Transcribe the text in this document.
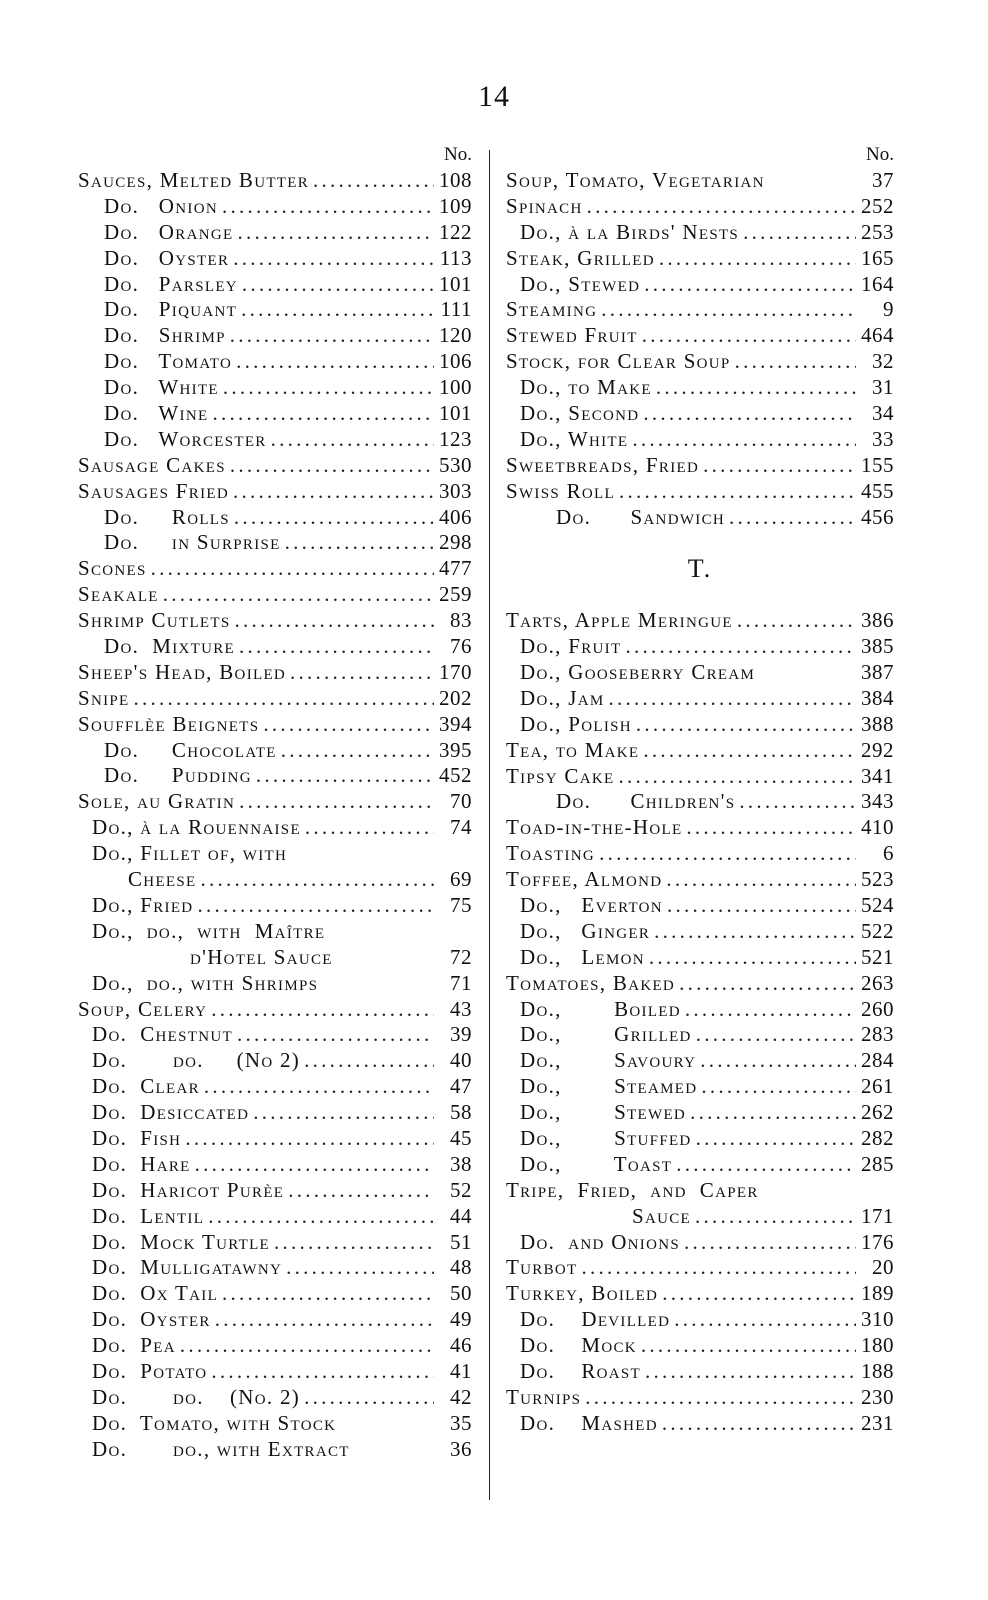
14
No.
Sauces, Melted Butter . . .	108
Do.   Onion . . .	109
Do.   Orange . . .	122
Do.   Oyster . . .	113
Do.   Parsley . . .	101
Do.   Piquant . . .	111
Do.   Shrimp . . .	120
Do.   Tomato . . .	106
Do.   White . . .	100
Do.   Wine . . .	101
Do.   Worcester . . .	123
Sausage Cakes . . .	530
Sausages Fried . . .	303
Do.     Rolls . . .	406
Do.     in Surprise . . .	298
Scones . . .	477
Seakale . . .	259
Shrimp Cutlets . . .	83
Do.  Mixture . . .	76
Sheep's Head, Boiled . . .	170
Snipe . . .	202
Soufflèe Beignets . . .	394
Do.     Chocolate . . .	395
Do.     Pudding . . .	452
Sole, au Gratin . . .	70
Do., à la Rouennaise . . .	74
Do., Fillet of, with
Cheese . . .	69
Do., Fried . . .	75
Do.,  do.,  with  Maître
d'Hotel Sauce	72
Do.,  do., with Shrimps	71
Soup, Celery . . .	43
Do.  Chestnut . . .	39
Do.       do.     (No 2) . . .	40
Do.  Clear . . .	47
Do.  Desiccated . . .	58
Do.  Fish . . .	45
Do.  Hare . . .	38
Do.  Haricot Purèe . . .	52
Do.  Lentil . . .	44
Do.  Mock Turtle . . .	51
Do.  Mulligatawny . . .	48
Do.  Ox Tail . . .	50
Do.  Oyster . . .	49
Do.  Pea . . .	46
Do.  Potato . . .	41
Do.       do.    (No. 2) . . .	42
Do.  Tomato, with Stock	35
Do.       do., with Extract	36
No.
Soup, Tomato, Vegetarian	37
Spinach . . .	252
Do., à la Birds' Nests . . .	253
Steak, Grilled . . .	165
Do., Stewed . . .	164
Steaming . . .	9
Stewed Fruit . . .	464
Stock, for Clear Soup . . .	32
Do., to Make . . .	31
Do., Second . . .	34
Do., White . . .	33
Sweetbreads, Fried . . .	155
Swiss Roll . . .	455
Do.      Sandwich . . .	456
T.
Tarts, Apple Meringue . . .	386
Do., Fruit . . .	385
Do., Gooseberry Cream	387
Do., Jam . . .	384
Do., Polish . . .	388
Tea, to Make . . .	292
Tipsy Cake . . .	341
Do.      Children's . . .	343
Toad-in-the-Hole . . .	410
Toasting . . .	6
Toffee, Almond . . .	523
Do.,   Everton . . .	524
Do.,   Ginger . . .	522
Do.,   Lemon . . .	521
Tomatoes, Baked . . .	263
Do.,        Boiled . . .	260
Do.,        Grilled . . .	283
Do.,        Savoury . . .	284
Do.,        Steamed . . .	261
Do.,        Stewed . . .	262
Do.,        Stuffed . . .	282
Do.,        Toast . . .	285
Tripe,  Fried,  and  Caper
Sauce . . .	171
Do.  and Onions . . .	176
Turbot . . .	20
Turkey, Boiled . . .	189
Do.    Devilled . . .	310
Do.    Mock . . .	180
Do.    Roast . . .	188
Turnips . . .	230
Do.    Mashed . . .	231
